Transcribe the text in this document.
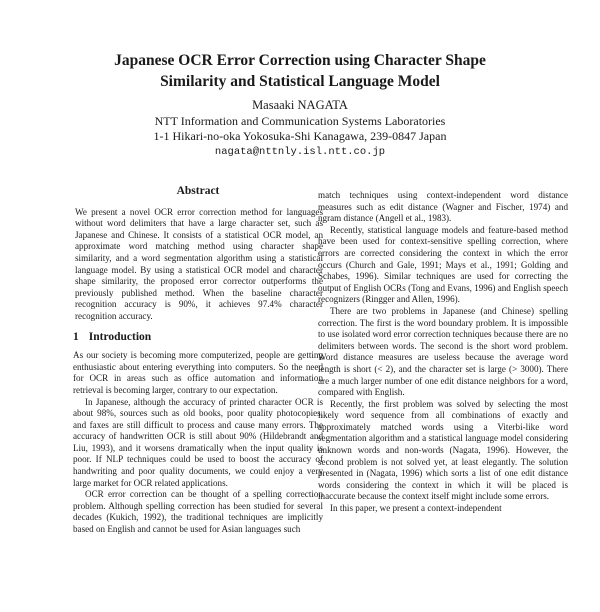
Japanese OCR Error Correction using Character Shape
Similarity and Statistical Language Model
Masaaki NAGATA
NTT Information and Communication Systems Laboratories
1-1 Hikari-no-oka Yokosuka-Shi Kanagawa, 239-0847 Japan
nagata@nttnly.isl.ntt.co.jp
Abstract

We present a novel OCR error correction method for languages without word delimiters that have a large character set, such as Japanese and Chinese. It consists of a statistical OCR model, an approximate word matching method using character shape similarity, and a word segmentation algorithm using a statistical language model. By using a statistical OCR model and character shape similarity, the proposed error corrector outperforms the previously published method. When the baseline character recognition accuracy is 90%, it achieves 97.4% character recognition accuracy.

1 Introduction

As our society is becoming more computerized, people are getting enthusiastic about entering everything into computers. So the need for OCR in areas such as office automation and information retrieval is becoming larger, contrary to our expectation.

In Japanese, although the accuracy of printed character OCR is about 98%, sources such as old books, poor quality photocopies, and faxes are still difficult to process and cause many errors. The accuracy of handwritten OCR is still about 90% (Hildebrandt and Liu, 1993), and it worsens dramatically when the input quality is poor. If NLP techniques could be used to boost the accuracy of handwriting and poor quality documents, we could enjoy a very large market for OCR related applications.

OCR error correction can be thought of a spelling correction problem. Although spelling correction has been studied for several decades (Kukich, 1992), the traditional techniques are implicitly based on English and cannot be used for Asian languages such

match techniques using context-independent word distance measures such as edit distance (Wagner and Fischer, 1974) and ngram distance (Angell et al., 1983).

Recently, statistical language models and feature-based method have been used for context-sensitive spelling correction, where errors are corrected considering the context in which the error occurs (Church and Gale, 1991; Mays et al., 1991; Golding and Schabes, 1996). Similar techniques are used for correcting the output of English OCRs (Tong and Evans, 1996) and English speech recognizers (Ringger and Allen, 1996).

There are two problems in Japanese (and Chinese) spelling correction. The first is the word boundary problem. It is impossible to use isolated word error correction techniques because there are no delimiters between words. The second is the short word problem. Word distance measures are useless because the average word length is short (< 2), and the character set is large (> 3000). There are a much larger number of one edit distance neighbors for a word, compared with English.

Recently, the first problem was solved by selecting the most likely word sequence from all combinations of exactly and approximately matched words using a Viterbi-like word segmentation algorithm and a statistical language model considering unknown words and non-words (Nagata, 1996). However, the second problem is not solved yet, at least elegantly. The solution presented in (Nagata, 1996) which sorts a list of one edit distance words considering the context in which it will be placed is inaccurate because the context itself might include some errors.

In this paper, we present a context-independent
